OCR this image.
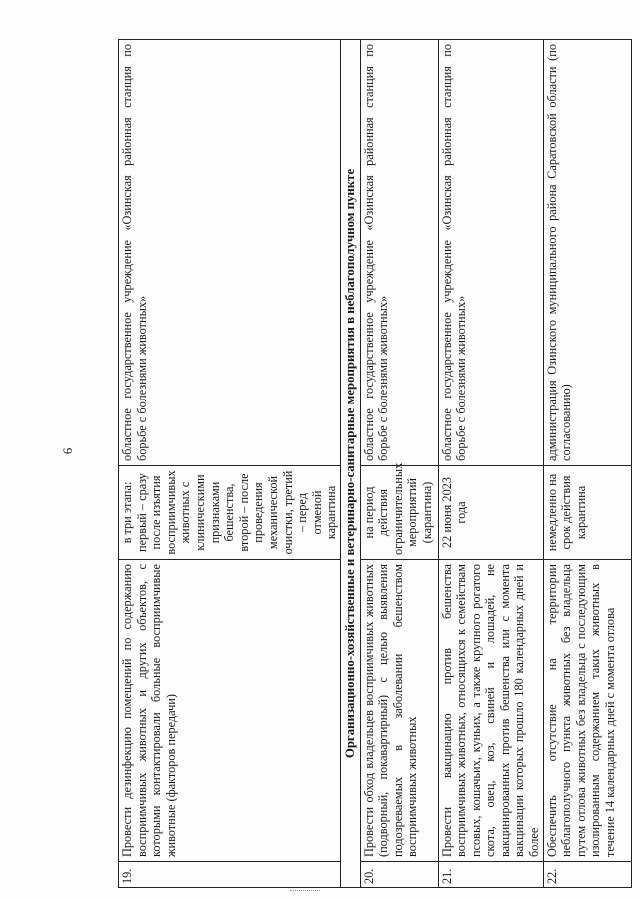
6
19.	Провести дезинфекцию помещений по содержанию восприимчивых животных и других объектов, с которыми контактировали больные восприимчивые животные (факторов передачи)	в три этапа: первый – сразу после изъятия восприимчивых животных с клиническими признаками бешенства, второй – после проведения механической очистки, третий – перед отменой карантина	областное государственное учреждение «Озинская районная станция по борьбе с болезнями животных»
Организационно-хозяйственные и ветеринарно-санитарные мероприятия в неблагополучном пункте			
20.	Провести обход владельцев восприимчивых животных (подворный, покавартирный) с целью выявления подозреваемых в заболевании бешенством восприимчивых животных	на период действия ограничительных мероприятий (карантина)	областное государственное учреждение «Озинская районная станция по борьбе с болезнями животных»
21.	Провести вакцинацию против бешенства восприимчивых животных, относящихся к семействам псовых, кошачьих, куньих, а также крупного рогатого скота, овец, коз, свиней и лошадей, не вакцинированных против бешенства или с момента вакцинации которых прошло 180 календарных дней и более	22 июня 2023 года	областное государственное учреждение «Озинская районная станция по борьбе с болезнями животных»
22.	Обеспечить отсутствие на территории неблагополучного пункта животных без владельца путем отлова животных без владельца с последующим изолированным содержанием таких животных в течение 14 календарных дней с момента отлова	немедленно на срок действия карантина	администрация Озинского муниципального района Саратовской области (по согласованию)
